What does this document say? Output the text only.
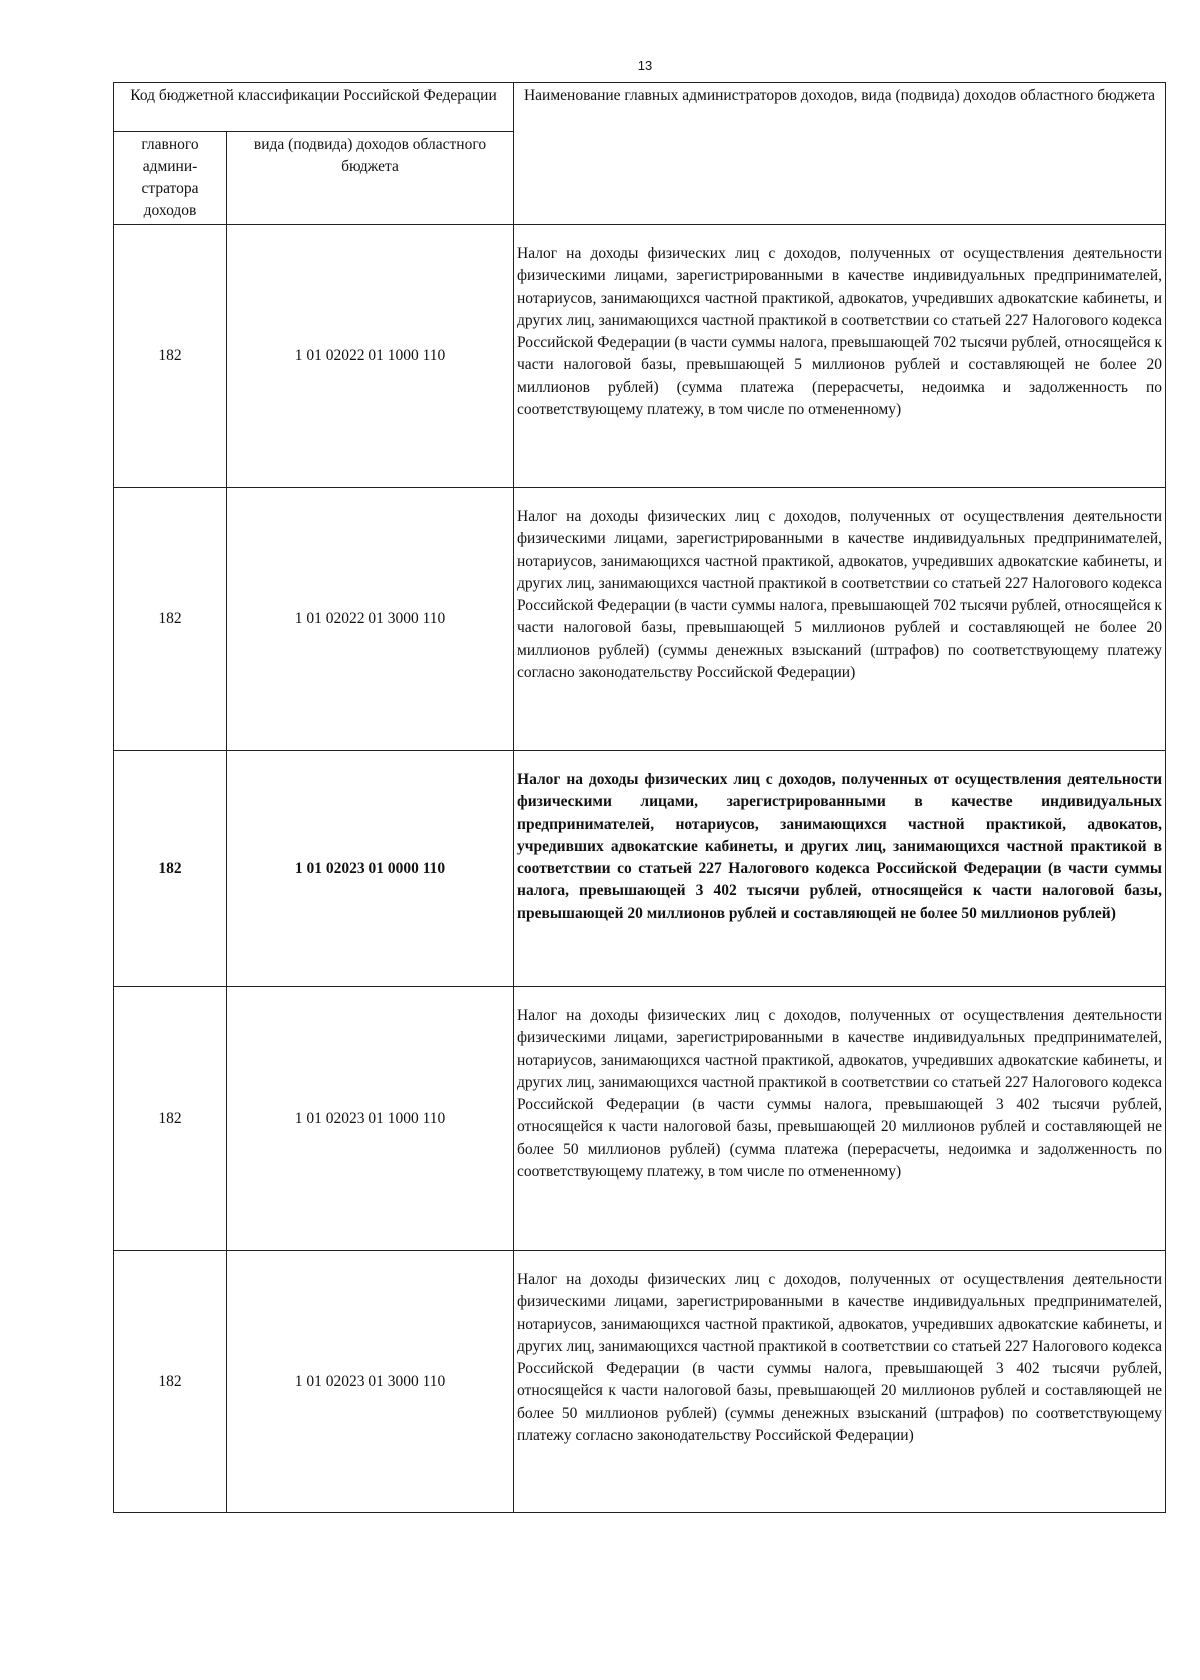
13
Код бюджетной классификации Российской Федерации		Наименование главных администраторов доходов, вида (подвида) доходов областного бюджета
главного админи-стратора доходов	вида (подвида) доходов областного бюджета	
182	1 01 02022 01 1000 110	Налог на доходы физических лиц с доходов, полученных от осуществления деятельности физическими лицами, зарегистрированными в качестве индивидуальных предпринимателей, нотариусов, занимающихся частной практикой, адвокатов, учредивших адвокатские кабинеты, и других лиц, занимающихся частной практикой в соответствии со статьей 227 Налогового кодекса Российской Федерации (в части суммы налога, превышающей 702 тысячи рублей, относящейся к части налоговой базы, превышающей 5 миллионов рублей и составляющей не более 20 миллионов рублей) (сумма платежа (перерасчеты, недоимка и задолженность по соответствующему платежу, в том числе по отмененному)
182	1 01 02022 01 3000 110	Налог на доходы физических лиц с доходов, полученных от осуществления деятельности физическими лицами, зарегистрированными в качестве индивидуальных предпринимателей, нотариусов, занимающихся частной практикой, адвокатов, учредивших адвокатские кабинеты, и других лиц, занимающихся частной практикой в соответствии со статьей 227 Налогового кодекса Российской Федерации (в части суммы налога, превышающей 702 тысячи рублей, относящейся к части налоговой базы, превышающей 5 миллионов рублей и составляющей не более 20 миллионов рублей) (суммы денежных взысканий (штрафов) по соответствующему платежу согласно законодательству Российской Федерации)
182	1 01 02023 01 0000 110	Налог на доходы физических лиц с доходов, полученных от осуществления деятельности физическими лицами, зарегистрированными в качестве индивидуальных предпринимателей, нотариусов, занимающихся частной практикой, адвокатов, учредивших адвокатские кабинеты, и других лиц, занимающихся частной практикой в соответствии со статьей 227 Налогового кодекса Российской Федерации (в части суммы налога, превышающей 3 402 тысячи рублей, относящейся к части налоговой базы, превышающей 20 миллионов рублей и составляющей не более 50 миллионов рублей)
182	1 01 02023 01 1000 110	Налог на доходы физических лиц с доходов, полученных от осуществления деятельности физическими лицами, зарегистрированными в качестве индивидуальных предпринимателей, нотариусов, занимающихся частной практикой, адвокатов, учредивших адвокатские кабинеты, и других лиц, занимающихся частной практикой в соответствии со статьей 227 Налогового кодекса Российской Федерации (в части суммы налога, превышающей 3 402 тысячи рублей, относящейся к части налоговой базы, превышающей 20 миллионов рублей и составляющей не более 50 миллионов рублей) (сумма платежа (перерасчеты, недоимка и задолженность по соответствующему платежу, в том числе по отмененному)
182	1 01 02023 01 3000 110	Налог на доходы физических лиц с доходов, полученных от осуществления деятельности физическими лицами, зарегистрированными в качестве индивидуальных предпринимателей, нотариусов, занимающихся частной практикой, адвокатов, учредивших адвокатские кабинеты, и других лиц, занимающихся частной практикой в соответствии со статьей 227 Налогового кодекса Российской Федерации (в части суммы налога, превышающей 3 402 тысячи рублей, относящейся к части налоговой базы, превышающей 20 миллионов рублей и составляющей не более 50 миллионов рублей) (суммы денежных взысканий (штрафов) по соответствующему платежу согласно законодательству Российской Федерации)
